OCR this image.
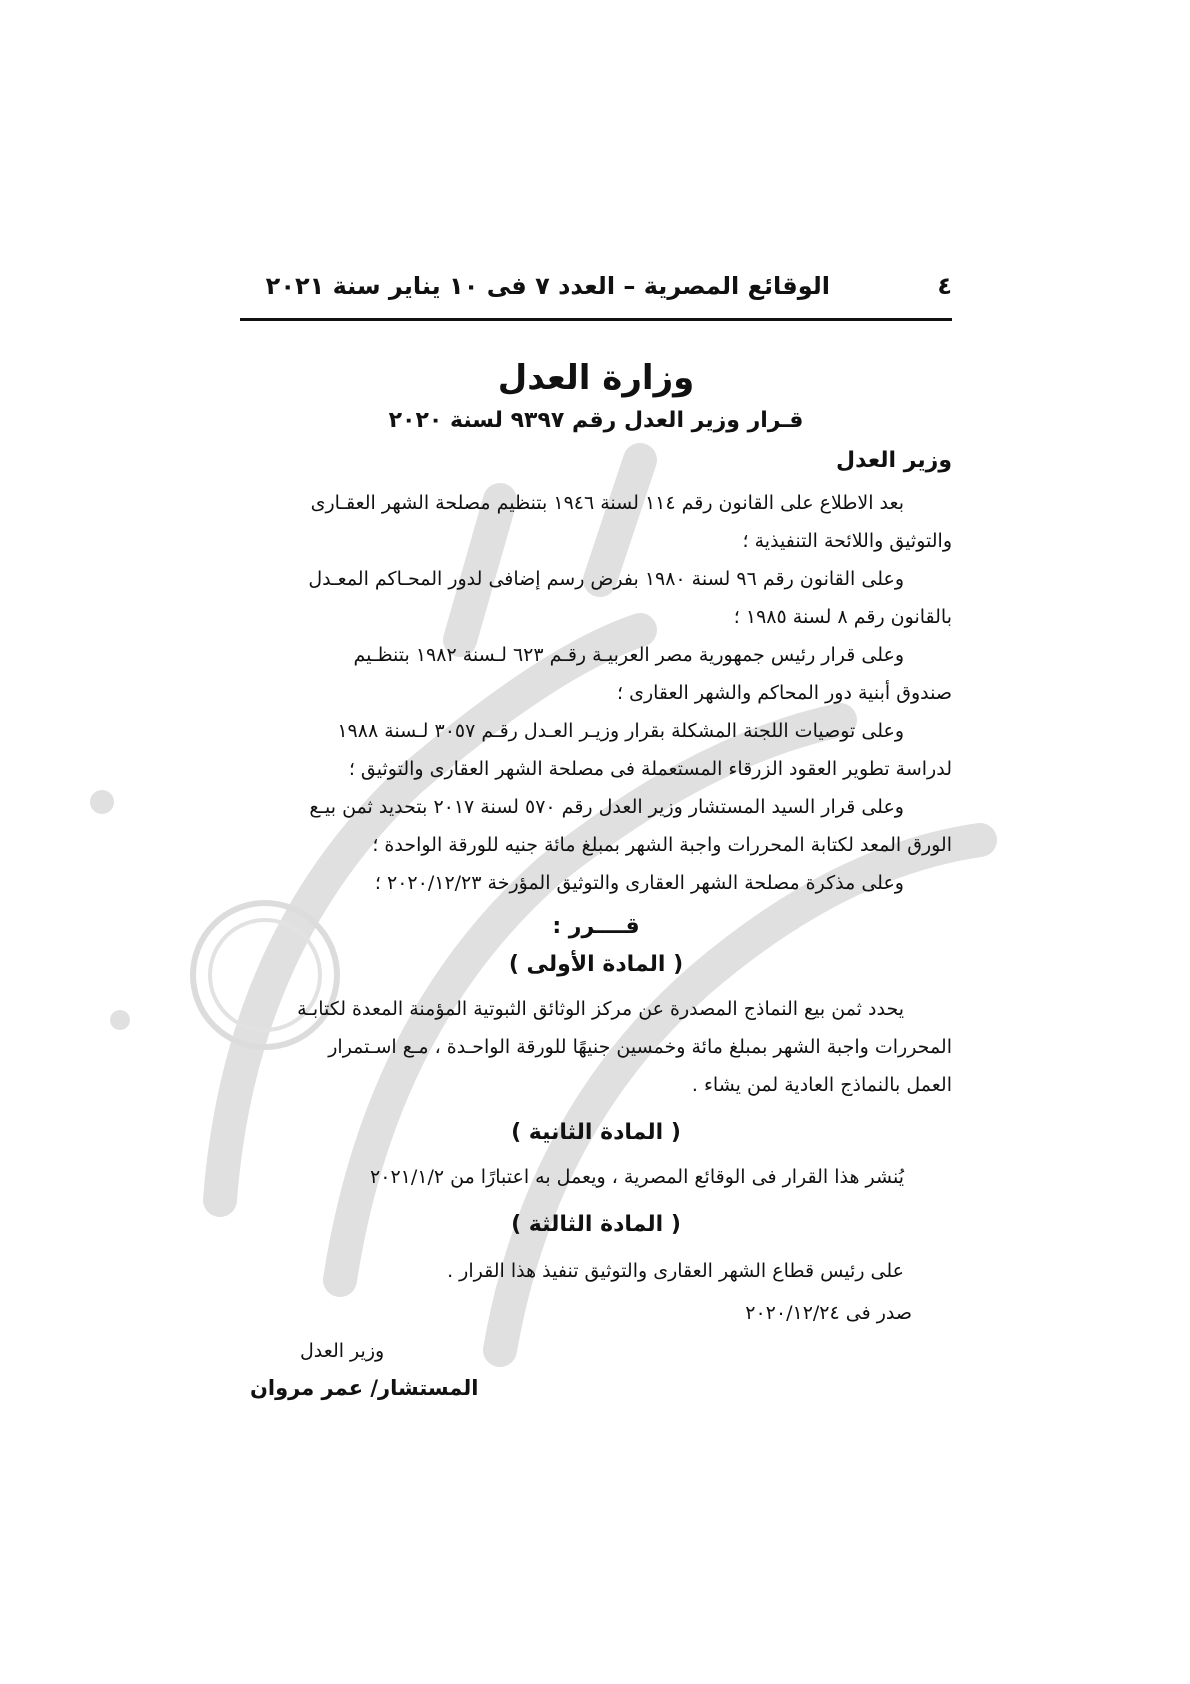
٤
الوقائع المصرية – العدد ٧ فى ١٠ يناير سنة ٢٠٢١
وزارة العدل
قـرار وزير العدل رقم ٩٣٩٧ لسنة ٢٠٢٠
وزير العدل

بعد الاطلاع على القانون رقم ١١٤ لسنة ١٩٤٦ بتنظيم مصلحة الشهر العقـارى

والتوثيق واللائحة التنفيذية ؛

وعلى القانون رقم ٩٦ لسنة ١٩٨٠ بفرض رسم إضافى لدور المحـاكم المعـدل

بالقانون رقم ٨ لسنة ١٩٨٥ ؛

وعلى قرار رئيس جمهورية مصر العربيـة رقـم ٦٢٣ لـسنة ١٩٨٢ بتنظـيم

صندوق أبنية دور المحاكم والشهر العقارى ؛

وعلى توصيات اللجنة المشكلة بقرار وزيـر العـدل رقـم ٣٠٥٧ لـسنة ١٩٨٨

لدراسة تطوير العقود الزرقاء المستعملة فى مصلحة الشهر العقارى والتوثيق ؛

وعلى قرار السيد المستشار وزير العدل رقم ٥٧٠ لسنة ٢٠١٧ بتحديد ثمن بيـع

الورق المعد لكتابة المحررات واجبة الشهر بمبلغ مائة جنيه للورقة الواحدة ؛

وعلى مذكرة مصلحة الشهر العقارى والتوثيق المؤرخة ٢٠٢٠/١٢/٢٣ ؛

قــــرر :
( المادة الأولى )

يحدد ثمن بيع النماذج المصدرة عن مركز الوثائق الثبوتية المؤمنة المعدة لكتابـة

المحررات واجبة الشهر بمبلغ مائة وخمسين جنيهًا للورقة الواحـدة ، مـع اسـتمرار

العمل بالنماذج العادية لمن يشاء .

( المادة الثانية )

يُنشر هذا القرار فى الوقائع المصرية ، ويعمل به اعتبارًا من ٢٠٢١/١/٢

( المادة الثالثة )

على رئيس قطاع الشهر العقارى والتوثيق تنفيذ هذا القرار .

صدر فى ٢٠٢٠/١٢/٢٤
وزير العدل
المستشار/ عمر مروان
